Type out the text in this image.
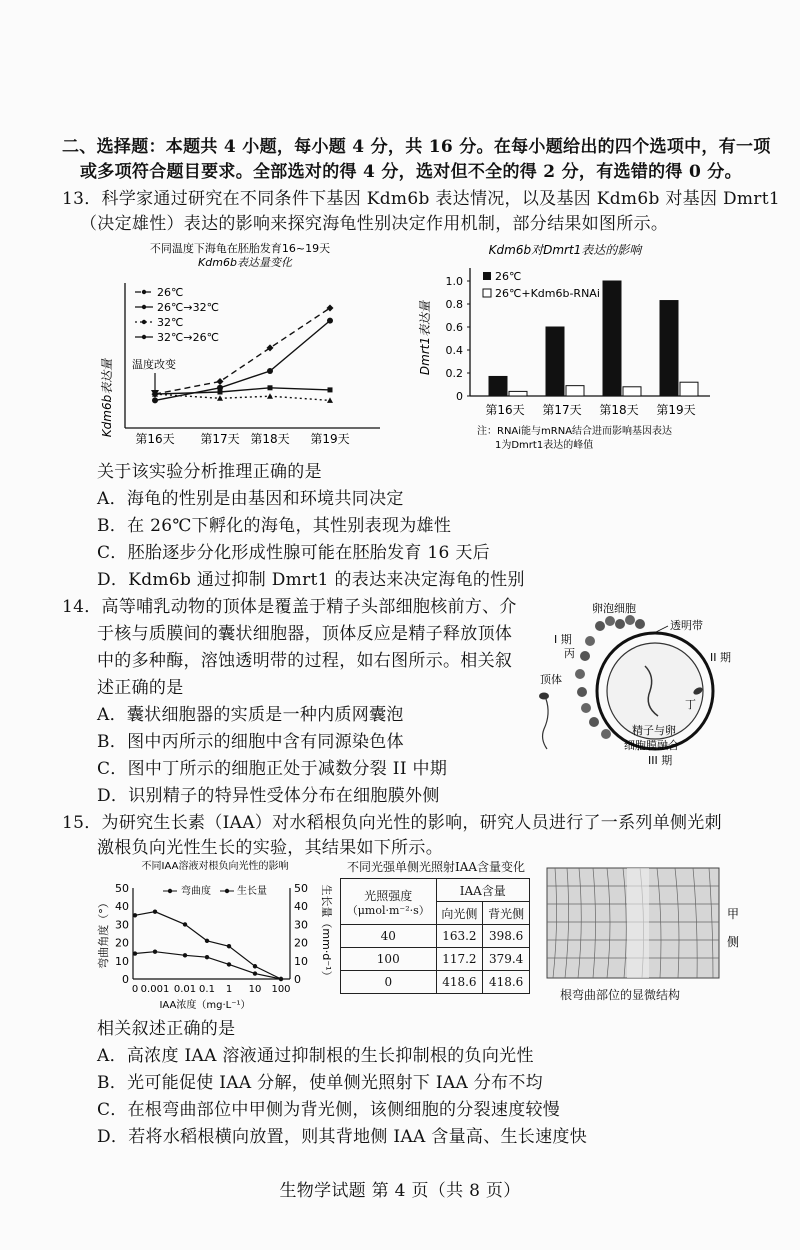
二、选择题：本题共 4 小题，每小题 4 分，共 16 分。在每小题给出的四个选项中，有一项
或多项符合题目要求。全部选对的得 4 分，选对但不全的得 2 分，有选错的得 0 分。
13．科学家通过研究在不同条件下基因 Kdm6b 表达情况，以及基因 Kdm6b 对基因 Dmrt1
（决定雄性）表达的影响来探究海龟性别决定作用机制，部分结果如图所示。
不同温度下海龟在胚胎发育16~19天
Kdm6b表达量变化
Kdm6b表达量
26℃
26℃→32℃
32℃
32℃→26℃
温度改变
第16天 第17天 第18天 第19天
Kdm6b对Dmrt1表达的影响
Dmrt1表达量
0
0.2
0.4
0.6
0.8
1.0
第16天 第17天 第18天 第19天
26℃
26℃+Kdm6b-RNAi
注：RNAi能与mRNA结合进而影响基因表达
1为Dmrt1表达的峰值
关于该实验分析推理正确的是
A．海龟的性别是由基因和环境共同决定
B．在 26℃下孵化的海龟，其性别表现为雄性
C．胚胎逐步分化形成性腺可能在胚胎发育 16 天后
D．Kdm6b 通过抑制 Dmrt1 的表达来决定海龟的性别
14．高等哺乳动物的顶体是覆盖于精子头部细胞核前方、介
于核与质膜间的囊状细胞器，顶体反应是精子释放顶体
中的多种酶，溶蚀透明带的过程，如右图所示。相关叙
述正确的是
A．囊状细胞器的实质是一种内质网囊泡
B．图中丙所示的细胞中含有同源染色体
C．图中丁所示的细胞正处于减数分裂 II 中期
D．识别精子的特异性受体分布在细胞膜外侧
卵泡细胞
透明带
I 期
丙	II 期
顶体
丁
精子与卵
细胞膜融合
III 期
15．为研究生长素（IAA）对水稻根负向光性的影响，研究人员进行了一系列单侧光刺
激根负向光性生长的实验，其结果如下所示。
不同IAA溶液对根负向光性的影响
弯曲角度（°）	生长量（mm·d⁻¹）
0	0
10	10
20	20
30	30
40	40
50	50
0 0.001 0.01 0.1 1 10 100
弯曲度	生长量
IAA浓度（mg·L⁻¹）
不同光强单侧光照射IAA含量变化
光照强度
（μmol·m⁻²·s）	IAA含量	
	向光侧	背光侧
40	163.2	398.6
100	117.2	379.4
0	418.6	418.6
甲
侧
根弯曲部位的显微结构
相关叙述正确的是
A．高浓度 IAA 溶液通过抑制根的生长抑制根的负向光性
B．光可能促使 IAA 分解，使单侧光照射下 IAA 分布不均
C．在根弯曲部位中甲侧为背光侧，该侧细胞的分裂速度较慢
D．若将水稻根横向放置，则其背地侧 IAA 含量高、生长速度快
生物学试题 第 4 页（共 8 页）
